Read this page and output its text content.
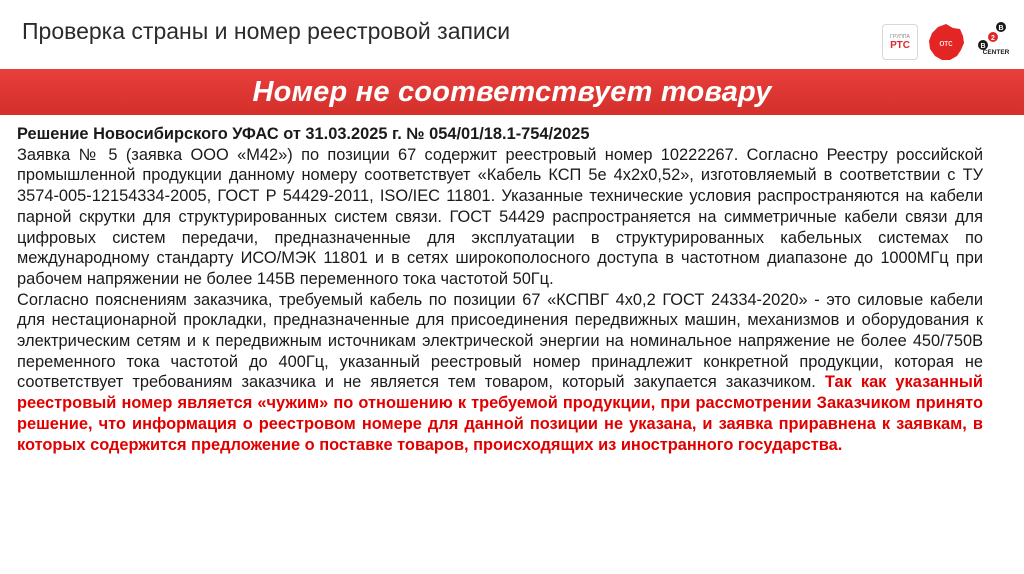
Проверка страны и номер реестровой записи	ГРУППА
РТС	отс
B
2
B
CENTER
Номер не соответствует товару

Решение Новосибирского УФАС от 31.03.2025 г. № 054/01/18.1-754/2025

Заявка № 5 (заявка ООО «М42») по позиции 67 содержит реестровый номер 10222267. Согласно Реестру российской промышленной продукции данному номеру соответствует «Кабель КСП 5е 4х2х0,52», изготовляемый в соответствии с ТУ 3574-005-12154334-2005, ГОСТ Р 54429-2011, ISO/IEC 11801. Указанные технические условия распространяются на кабели парной скрутки для структурированных систем связи. ГОСТ 54429 распространяется на симметричные кабели связи для цифровых систем передачи, предназначенные для эксплуатации в структурированных кабельных системах по международному стандарту ИСО/МЭК 11801 и в сетях широкополосного доступа в частотном диапазоне до 1000МГц при рабочем напряжении не более 145В переменного тока частотой 50Гц.

Согласно пояснениям заказчика, требуемый кабель по позиции 67 «КСПВГ 4х0,2 ГОСТ 24334-2020» - это силовые кабели для нестационарной прокладки, предназначенные для присоединения передвижных машин, механизмов и оборудования к электрическим сетям и к передвижным источникам электрической энергии на номинальное напряжение не более 450/750В переменного тока частотой до 400Гц, указанный реестровый номер принадлежит конкретной продукции, которая не соответствует требованиям заказчика и не является тем товаром, который закупается заказчиком. Так как указанный реестровый номер является «чужим» по отношению к требуемой продукции, при рассмотрении Заказчиком принято решение, что информация о реестровом номере для данной позиции не указана, и заявка приравнена к заявкам, в которых содержится предложение о поставке товаров, происходящих из иностранного государства.
